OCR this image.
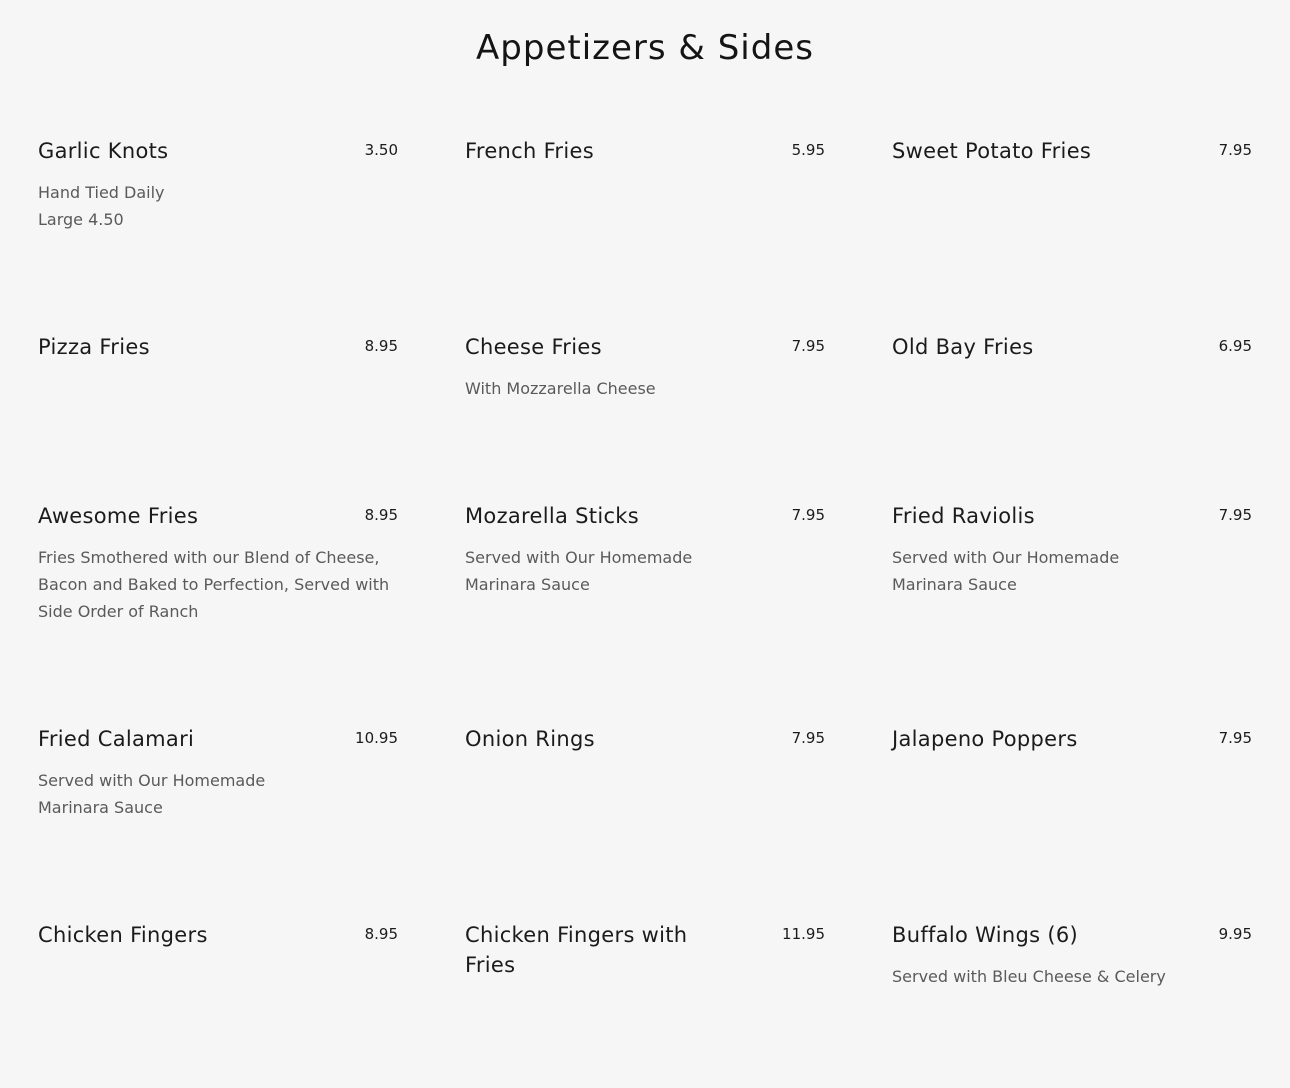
Appetizers & Sides
Garlic Knots	3.50
Hand Tied Daily
Large 4.50
French Fries	5.95	Sweet Potato Fries	7.95
Pizza Fries	8.95	Cheese Fries	7.95
With Mozzarella Cheese
Old Bay Fries	6.95
Awesome Fries	8.95
Fries Smothered with our Blend of Cheese,
Bacon and Baked to Perfection, Served with
Side Order of Ranch
Mozarella Sticks	7.95
Served with Our Homemade
Marinara Sauce
Fried Raviolis	7.95
Served with Our Homemade
Marinara Sauce
Fried Calamari	10.95
Served with Our Homemade
Marinara Sauce
Onion Rings	7.95	Jalapeno Poppers	7.95
Chicken Fingers	8.95	Chicken Fingers with Fries
11.95	Buffalo Wings (6)	9.95
Served with Bleu Cheese & Celery
